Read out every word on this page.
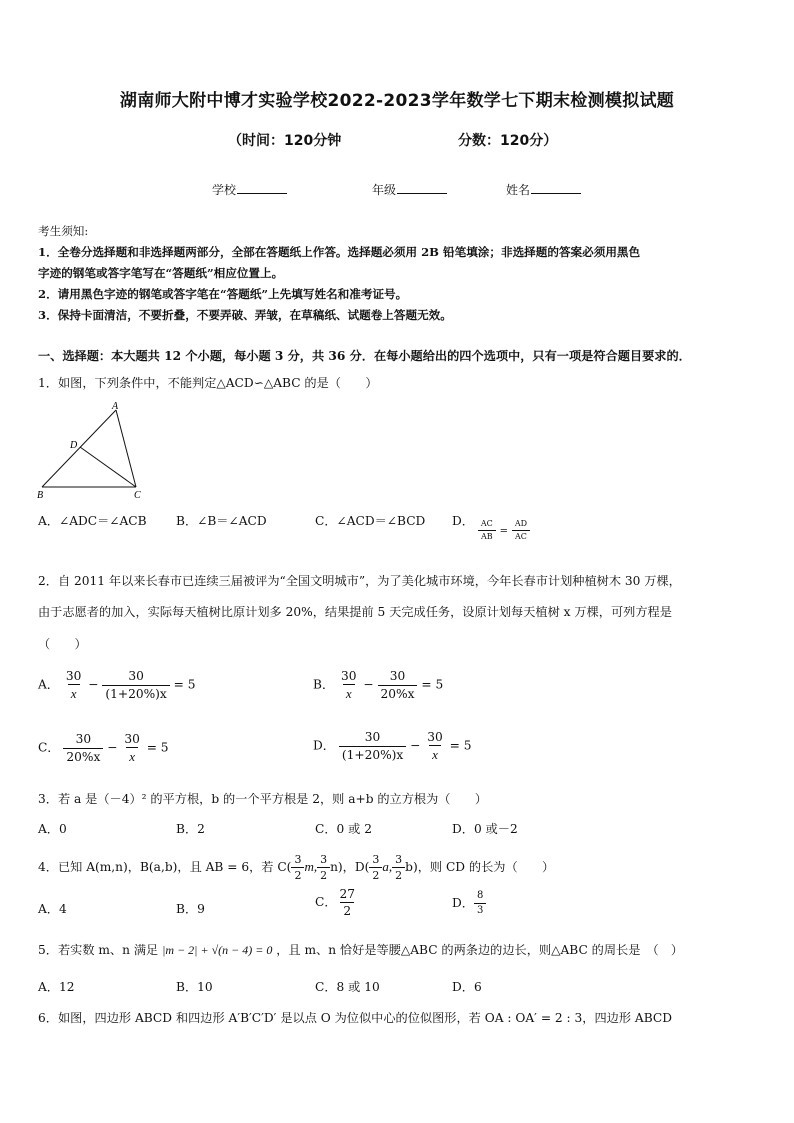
湖南师大附中博才实验学校2022-2023学年数学七下期末检测模拟试题
（时间：120分钟	分数：120分）
学校	年级	姓名
考生须知:
1．全卷分选择题和非选择题两部分，全部在答题纸上作答。选择题必须用 2B 铅笔填涂；非选择题的答案必须用黑色
字迹的钢笔或答字笔写在“答题纸”相应位置上。
2．请用黑色字迹的钢笔或答字笔在“答题纸”上先填写姓名和准考证号。
3．保持卡面清洁，不要折叠，不要弄破、弄皱，在草稿纸、试题卷上答题无效。
一、选择题：本大题共 12 个小题，每小题 3 分，共 36 分．在每小题给出的四个选项中，只有一项是符合题目要求的．
1．如图，下列条件中，不能判定△ACD∽△ABC 的是（　　）
A
D
B	C
A．∠ADC＝∠ACB B．∠B＝∠ACD	C．∠ACD＝∠BCD D． $\frac{AC}{AB} = \frac{AD}{AC}$
2．自 2011 年以来长春市已连续三届被评为“全国文明城市”，为了美化城市环境，今年长春市计划种植树木 30 万棵，
由于志愿者的加入，实际每天植树比原计划多 20%，结果提前 5 天完成任务，设原计划每天植树 x 万棵，可列方程是
（　　）
A． $\frac{30}{x} - \frac{30}{(1+20\%)x} = 5$	B． $\frac{30}{x} - \frac{30}{20\%x} = 5$
C． $\frac{30}{20\%x} - \frac{30}{x} = 5$	D． $\frac{30}{(1+20\%)x} - \frac{30}{x} = 5$
3．若 a 是（－4）² 的平方根，b 的一个平方根是 2，则 a+b 的立方根为（　　）
A．0	B．2	C．0 或 2	D．0 或－2
4．已知 A(m,n)，B(a,b)，且 AB = 6，若 $C( \frac{3}{2} m$, $\frac{3}{2} n$)，$D( \frac{3}{2} a$, $\frac{3}{2} b$)，则 CD 的长为（　　）
A．4	B．9	C． $\frac{27}{2}$	D． $\frac{8}{3}$
5．若实数 m、n 满足 |m − 2| + √(n − 4) = 0 ，且 m、n 恰好是等腰△ABC 的两条边的边长，则△ABC 的周长是　（　）
A．12	B．10	C．8 或 10	D．6
6．如图，四边形 ABCD 和四边形 A′B′C′D′ 是以点 O 为位似中心的位似图形，若 OA : OA′ = 2 : 3，四边形 ABCD
